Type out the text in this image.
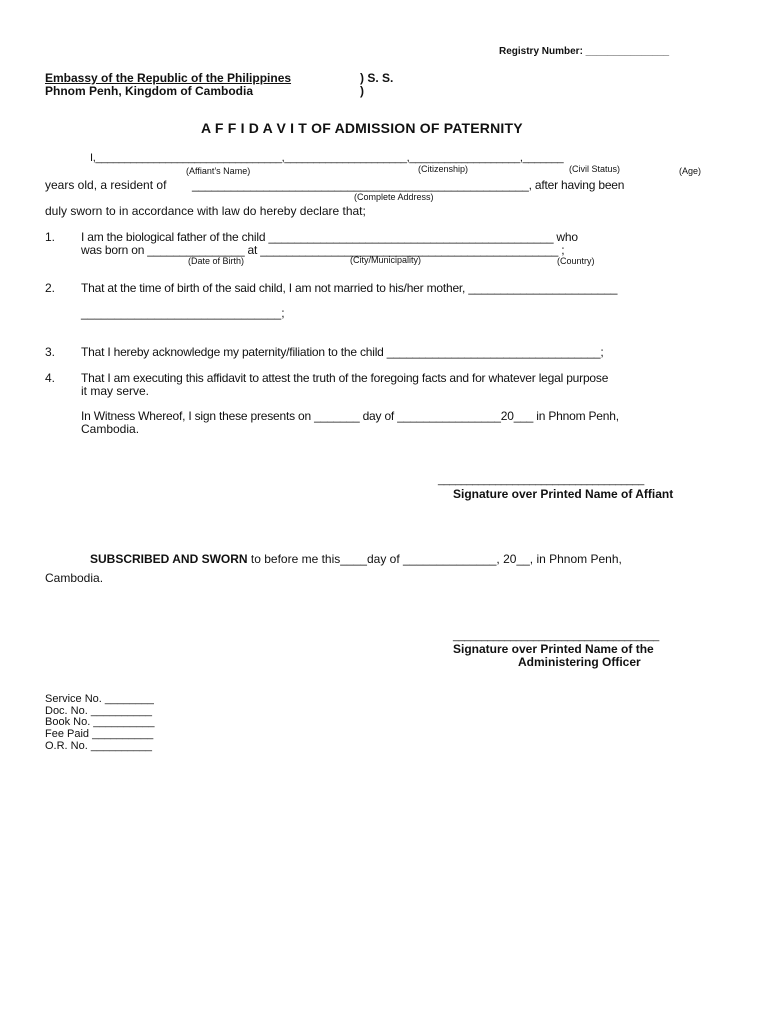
Registry Number: _______________
Embassy of the Republic of the Philippines
Phnom Penh, Kingdom of Cambodia
) S. S.
)
A F F I D A V I T OF ADMISSION OF PATERNITY
I,________________________________,_____________________,___________________,_______
(Affiant’s Name)	(Citizenship)	(Civil Status)	(Age)
years old, a resident of ____________________________________________________, after having been
(Complete Address)
duly sworn to in accordance with law do hereby declare that;
1. I am the biological father of the child ____________________________________________ who
was born on _______________ at ______________________________________________ ;
(Date of Birth)	(City/Municipality)	(Country)
2. That at the time of birth of the said child, I am not married to his/her mother, _______________________
______________________________;
3. That I hereby acknowledge my paternity/filiation to the child _________________________________;
4. That I am executing this affidavit to attest the truth of the foregoing facts and for whatever legal purpose
it may serve.
In Witness Whereof, I sign these presents on _______ day of ________________20___ in Phnom Penh,
Cambodia.
____________________________________
Signature over Printed Name of Affiant
SUBSCRIBED AND SWORN to before me this____day of ______________, 20__, in Phnom Penh,
Cambodia.
____________________________________
Signature over Printed Name of the
Administering Officer
Service No. ________
Doc. No. __________
Book No. __________
Fee Paid __________
O.R. No. __________
